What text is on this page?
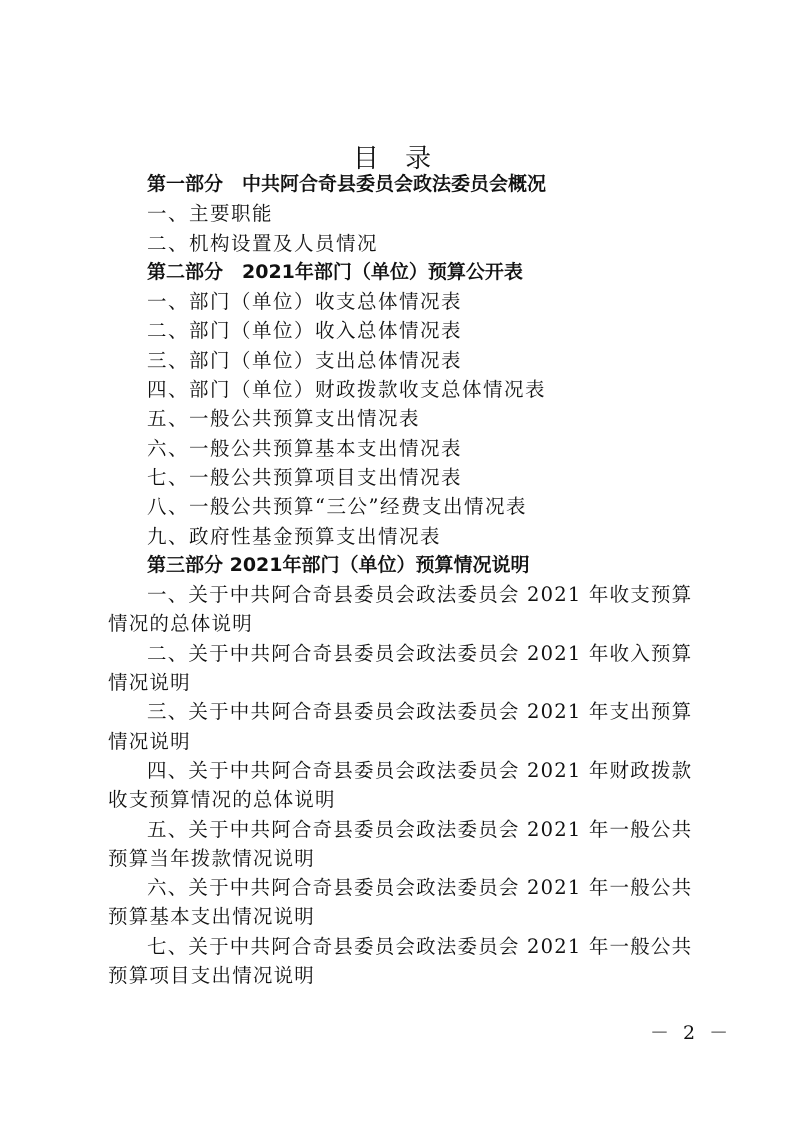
目 录
第一部分　中共阿合奇县委员会政法委员会概况
一、主要职能
二、机构设置及人员情况
第二部分　2021年部门（单位）预算公开表
一、部门（单位）收支总体情况表
二、部门（单位）收入总体情况表
三、部门（单位）支出总体情况表
四、部门（单位）财政拨款收支总体情况表
五、一般公共预算支出情况表
六、一般公共预算基本支出情况表
七、一般公共预算项目支出情况表
八、一般公共预算“三公”经费支出情况表
九、政府性基金预算支出情况表
第三部分 2021年部门（单位）预算情况说明
一、关于中共阿合奇县委员会政法委员会 2021 年收支预算
情况的总体说明
二、关于中共阿合奇县委员会政法委员会 2021 年收入预算
情况说明
三、关于中共阿合奇县委员会政法委员会 2021 年支出预算
情况说明
四、关于中共阿合奇县委员会政法委员会 2021 年财政拨款
收支预算情况的总体说明
五、关于中共阿合奇县委员会政法委员会 2021 年一般公共
预算当年拨款情况说明
六、关于中共阿合奇县委员会政法委员会 2021 年一般公共
预算基本支出情况说明
七、关于中共阿合奇县委员会政法委员会 2021 年一般公共
预算项目支出情况说明
－ 2 －
